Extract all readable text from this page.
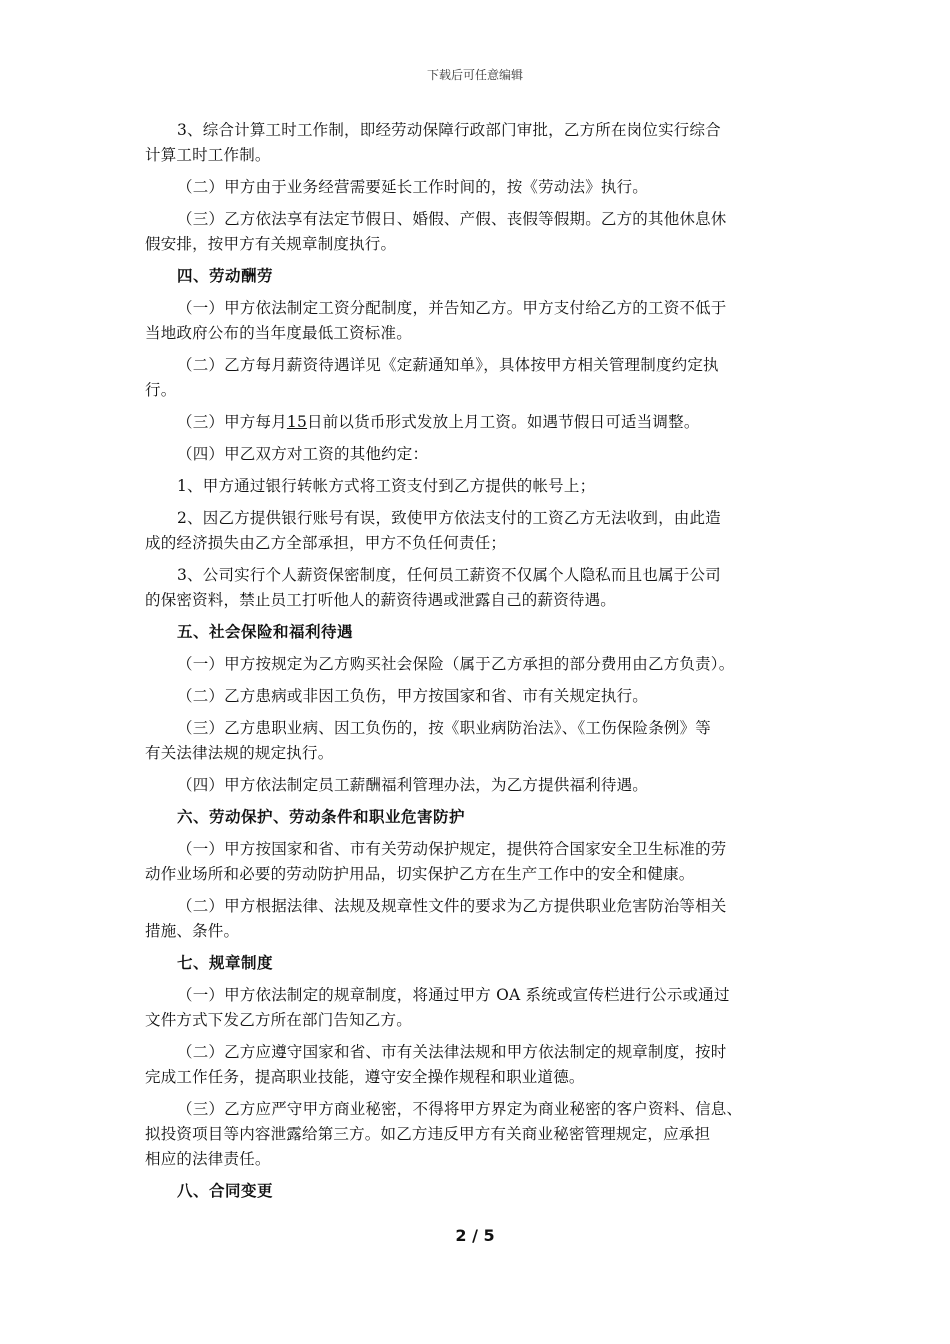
下载后可任意编辑
3、综合计算工时工作制，即经劳动保障行政部门审批，乙方所在岗位实行综合
计算工时工作制。
（二）甲方由于业务经营需要延长工作时间的，按《劳动法》执行。
（三）乙方依法享有法定节假日、婚假、产假、丧假等假期。乙方的其他休息休
假安排，按甲方有关规章制度执行。
四、劳动酬劳
（一）甲方依法制定工资分配制度，并告知乙方。甲方支付给乙方的工资不低于
当地政府公布的当年度最低工资标准。
（二）乙方每月薪资待遇详见《定薪通知单》，具体按甲方相关管理制度约定执
行。
（三）甲方每月15日前以货币形式发放上月工资。如遇节假日可适当调整。
（四）甲乙双方对工资的其他约定：
1、甲方通过银行转帐方式将工资支付到乙方提供的帐号上；
2、因乙方提供银行账号有误，致使甲方依法支付的工资乙方无法收到，由此造
成的经济损失由乙方全部承担，甲方不负任何责任；
3、公司实行个人薪资保密制度，任何员工薪资不仅属个人隐私而且也属于公司
的保密资料，禁止员工打听他人的薪资待遇或泄露自己的薪资待遇。
五、社会保险和福利待遇
（一）甲方按规定为乙方购买社会保险（属于乙方承担的部分费用由乙方负责）。
（二）乙方患病或非因工负伤，甲方按国家和省、市有关规定执行。
（三）乙方患职业病、因工负伤的，按《职业病防治法》、《工伤保险条例》等
有关法律法规的规定执行。
（四）甲方依法制定员工薪酬福利管理办法，为乙方提供福利待遇。
六、劳动保护、劳动条件和职业危害防护
（一）甲方按国家和省、市有关劳动保护规定，提供符合国家安全卫生标准的劳
动作业场所和必要的劳动防护用品，切实保护乙方在生产工作中的安全和健康。
（二）甲方根据法律、法规及规章性文件的要求为乙方提供职业危害防治等相关
措施、条件。
七、规章制度
（一）甲方依法制定的规章制度，将通过甲方 OA 系统或宣传栏进行公示或通过
文件方式下发乙方所在部门告知乙方。
（二）乙方应遵守国家和省、市有关法律法规和甲方依法制定的规章制度，按时
完成工作任务，提高职业技能，遵守安全操作规程和职业道德。
（三）乙方应严守甲方商业秘密，不得将甲方界定为商业秘密的客户资料、信息、
拟投资项目等内容泄露给第三方。如乙方违反甲方有关商业秘密管理规定，应承担
相应的法律责任。
八、合同变更
2 / 5
